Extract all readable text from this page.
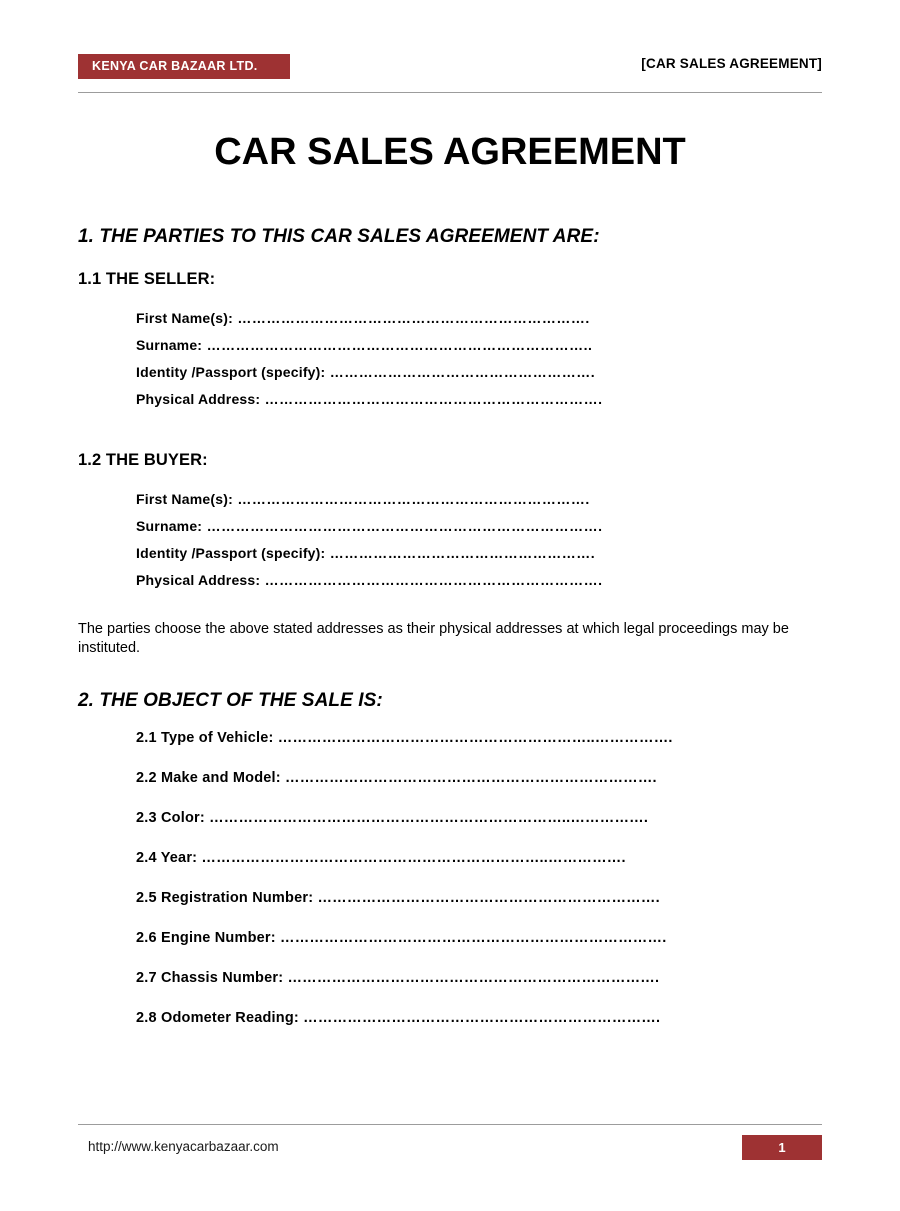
KENYA CAR BAZAAR LTD.	[CAR SALES AGREEMENT]
CAR SALES AGREEMENT
1. THE PARTIES TO THIS CAR SALES AGREEMENT ARE:
1.1 THE SELLER:
First Name(s): ……………………………………………………………….
Surname: ……………………………………………………………………..
Identity /Passport (specify): ……………………………………………….
Physical Address: …………………………………………………………….
1.2 THE BUYER:
First Name(s): ……………………………………………………………….
Surname: ……………………………………………………………………….
Identity /Passport (specify): ……………………………………………….
Physical Address: …………………………………………………………….
The parties choose the above stated addresses as their physical addresses at which legal proceedings may be instituted.
2. THE OBJECT OF THE SALE IS:
2.1 Type of Vehicle: ………………………………………………………..…………….
2.2 Make and Model: ………………………………………………………………….
2.3 Color: ………………………………………………………………..…………….
2.4 Year: ……………………………………………………………..…………….
2.5 Registration Number: …………………………………………………………….
2.6 Engine Number: …………………………………………………………………….
2.7 Chassis Number: ………………………………………………………………….
2.8 Odometer Reading: ……………………………………………………………….
http://www.kenyacarbazaar.com	1
